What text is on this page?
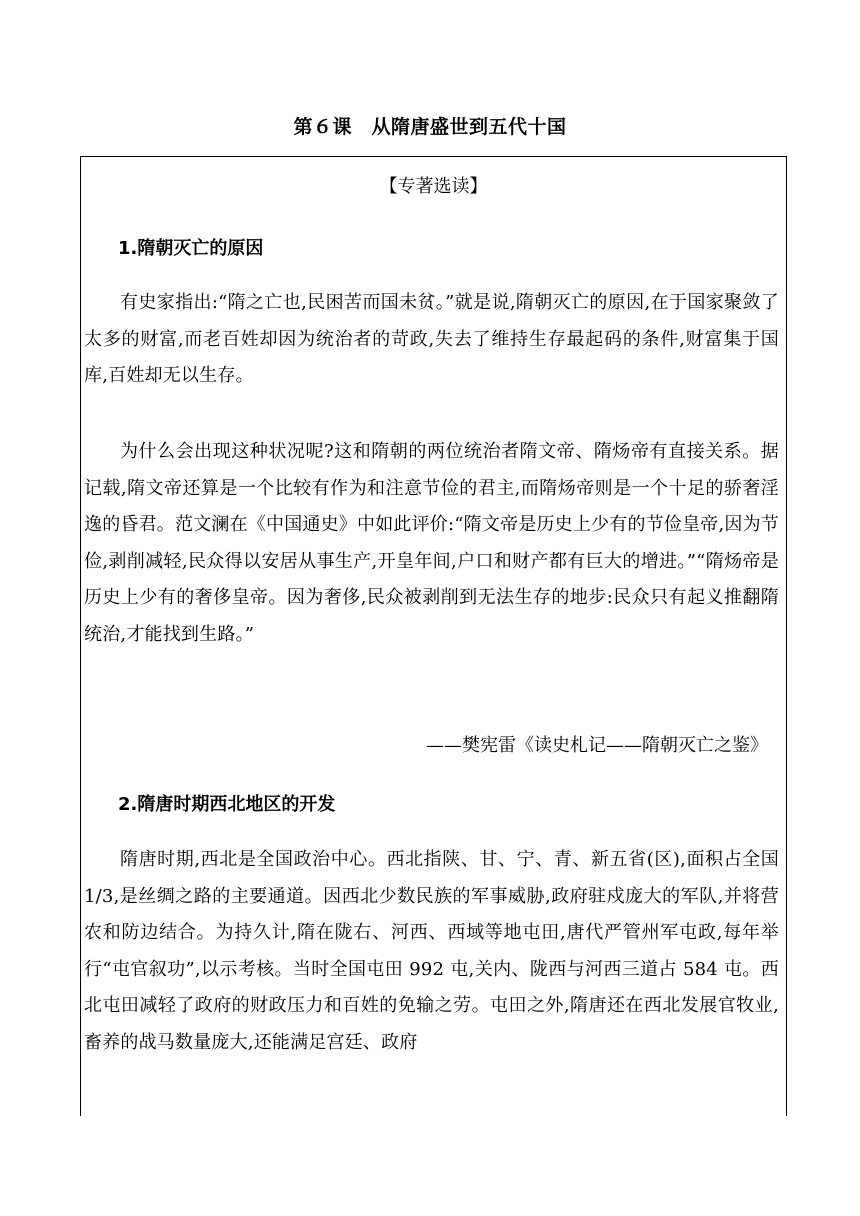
第６课　从隋唐盛世到五代十国
【专著选读】
1.隋朝灭亡的原因
有史家指出:“隋之亡也,民困苦而国未贫。”就是说,隋朝灭亡的原因,在于国家聚敛了太多的财富,而老百姓却因为统治者的苛政,失去了维持生存最起码的条件,财富集于国库,百姓却无以生存。
为什么会出现这种状况呢?这和隋朝的两位统治者隋文帝、隋炀帝有直接关系。据记载,隋文帝还算是一个比较有作为和注意节俭的君主,而隋炀帝则是一个十足的骄奢淫逸的昏君。范文澜在《中国通史》中如此评价:“隋文帝是历史上少有的节俭皇帝,因为节俭,剥削减轻,民众得以安居从事生产,开皇年间,户口和财产都有巨大的增进。”“隋炀帝是历史上少有的奢侈皇帝。因为奢侈,民众被剥削到无法生存的地步:民众只有起义推翻隋统治,才能找到生路。”
——樊宪雷《读史札记——隋朝灭亡之鉴》
2.隋唐时期西北地区的开发
隋唐时期,西北是全国政治中心。西北指陕、甘、宁、青、新五省(区),面积占全国 1/3,是丝绸之路的主要通道。因西北少数民族的军事威胁,政府驻戍庞大的军队,并将营农和防边结合。为持久计,隋在陇右、河西、西域等地屯田,唐代严管州军屯政,每年举行“屯官叙功”,以示考核。当时全国屯田 992 屯,关内、陇西与河西三道占 584 屯。西北屯田减轻了政府的财政压力和百姓的免输之劳。屯田之外,隋唐还在西北发展官牧业,畜养的战马数量庞大,还能满足宫廷、政府
